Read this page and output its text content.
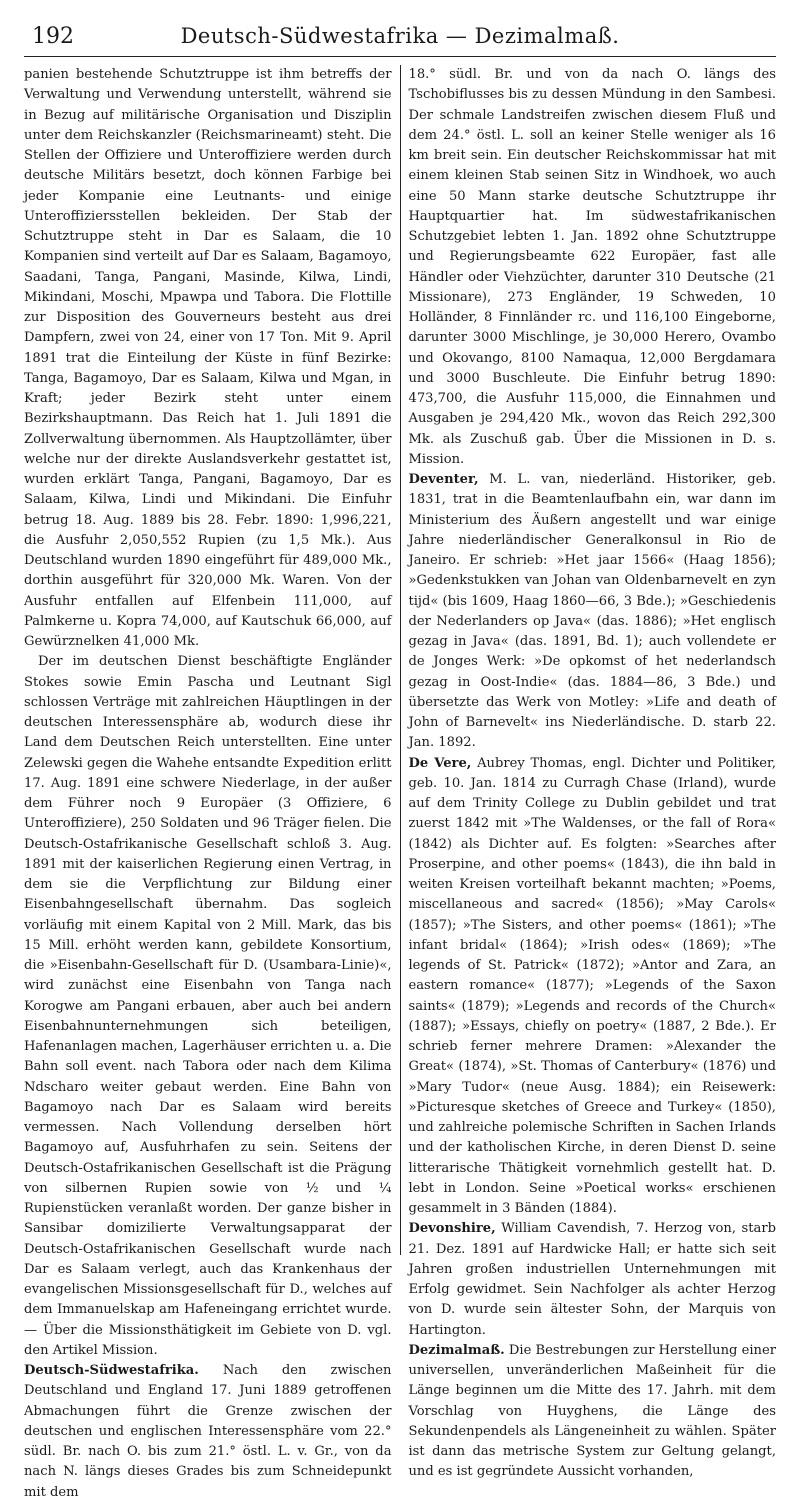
192	Deutsch-Südwestafrika — Dezimalmaß.

panien bestehende Schutztruppe ist ihm betreffs der Verwaltung und Verwendung unterstellt, während sie in Bezug auf militärische Organisation und Disziplin unter dem Reichskanzler (Reichsmarineamt) steht. Die Stellen der Offiziere und Unteroffiziere werden durch deutsche Militärs besetzt, doch können Farbige bei jeder Kompanie eine Leutnants- und einige Unteroffiziersstellen bekleiden. Der Stab der Schutztruppe steht in Dar es Salaam, die 10 Kompanien sind verteilt auf Dar es Salaam, Bagamoyo, Saadani, Tanga, Pangani, Masinde, Kilwa, Lindi, Mikindani, Moschi, Mpawpa und Tabora. Die Flottille zur Disposition des Gouverneurs besteht aus drei Dampfern, zwei von 24, einer von 17 Ton. Mit 9. April 1891 trat die Einteilung der Küste in fünf Bezirke: Tanga, Bagamoyo, Dar es Salaam, Kilwa und Mgan, in Kraft; jeder Bezirk steht unter einem Bezirkshauptmann. Das Reich hat 1. Juli 1891 die Zollverwaltung übernommen. Als Hauptzollämter, über welche nur der direkte Auslandsverkehr gestattet ist, wurden erklärt Tanga, Pangani, Bagamoyo, Dar es Salaam, Kilwa, Lindi und Mikindani. Die Einfuhr betrug 18. Aug. 1889 bis 28. Febr. 1890: 1,996,221, die Ausfuhr 2,050,552 Rupien (zu 1,5 Mk.). Aus Deutschland wurden 1890 eingeführt für 489,000 Mk., dorthin ausgeführt für 320,000 Mk. Waren. Von der Ausfuhr entfallen auf Elfenbein 111,000, auf Palmkerne u. Kopra 74,000, auf Kautschuk 66,000, auf Gewürznelken 41,000 Mk.

Der im deutschen Dienst beschäftigte Engländer Stokes sowie Emin Pascha und Leutnant Sigl schlossen Verträge mit zahlreichen Häuptlingen in der deutschen Interessensphäre ab, wodurch diese ihr Land dem Deutschen Reich unterstellten. Eine unter Zelewski gegen die Wahehe entsandte Expedition erlitt 17. Aug. 1891 eine schwere Niederlage, in der außer dem Führer noch 9 Europäer (3 Offiziere, 6 Unteroffiziere), 250 Soldaten und 96 Träger fielen. Die Deutsch-Ostafrikanische Gesellschaft schloß 3. Aug. 1891 mit der kaiserlichen Regierung einen Vertrag, in dem sie die Verpflichtung zur Bildung einer Eisenbahngesellschaft übernahm. Das sogleich vorläufig mit einem Kapital von 2 Mill. Mark, das bis 15 Mill. erhöht werden kann, gebildete Konsortium, die »Eisenbahn-Gesellschaft für D. (Usambara-Linie)«, wird zunächst eine Eisenbahn von Tanga nach Korogwe am Pangani erbauen, aber auch bei andern Eisenbahnunternehmungen sich beteiligen, Hafenanlagen machen, Lagerhäuser errichten u. a. Die Bahn soll event. nach Tabora oder nach dem Kilima Ndscharo weiter gebaut werden. Eine Bahn von Bagamoyo nach Dar es Salaam wird bereits vermessen. Nach Vollendung derselben hört Bagamoyo auf, Ausfuhrhafen zu sein. Seitens der Deutsch-Ostafrikanischen Gesellschaft ist die Prägung von silbernen Rupien sowie von ½ und ¼ Rupienstücken veranlaßt worden. Der ganze bisher in Sansibar domizilierte Verwaltungsapparat der Deutsch-Ostafrikanischen Gesellschaft wurde nach Dar es Salaam verlegt, auch das Krankenhaus der evangelischen Missionsgesellschaft für D., welches auf dem Immanuelskap am Hafeneingang errichtet wurde. — Über die Missionsthätigkeit im Gebiete von D. vgl. den Artikel Mission.

Deutsch-Südwestafrika. Nach den zwischen Deutschland und England 17. Juni 1889 getroffenen Abmachungen führt die Grenze zwischen der deutschen und englischen Interessensphäre vom 22.° südl. Br. nach O. bis zum 21.° östl. L. v. Gr., von da nach N. längs dieses Grades bis zum Schneidepunkt mit dem

18.° südl. Br. und von da nach O. längs des Tschobiflusses bis zu dessen Mündung in den Sambesi. Der schmale Landstreifen zwischen diesem Fluß und dem 24.° östl. L. soll an keiner Stelle weniger als 16 km breit sein. Ein deutscher Reichskommissar hat mit einem kleinen Stab seinen Sitz in Windhoek, wo auch eine 50 Mann starke deutsche Schutztruppe ihr Hauptquartier hat. Im südwestafrikanischen Schutzgebiet lebten 1. Jan. 1892 ohne Schutztruppe und Regierungsbeamte 622 Europäer, fast alle Händler oder Viehzüchter, darunter 310 Deutsche (21 Missionare), 273 Engländer, 19 Schweden, 10 Holländer, 8 Finnländer rc. und 116,100 Eingeborne, darunter 3000 Mischlinge, je 30,000 Herero, Ovambo und Okovango, 8100 Namaqua, 12,000 Bergdamara und 3000 Buschleute. Die Einfuhr betrug 1890: 473,700, die Ausfuhr 115,000, die Einnahmen und Ausgaben je 294,420 Mk., wovon das Reich 292,300 Mk. als Zuschuß gab. Über die Missionen in D. s. Mission.

Deventer, M. L. van, niederländ. Historiker, geb. 1831, trat in die Beamtenlaufbahn ein, war dann im Ministerium des Äußern angestellt und war einige Jahre niederländischer Generalkonsul in Rio de Janeiro. Er schrieb: »Het jaar 1566« (Haag 1856); »Gedenkstukken van Johan van Oldenbarnevelt en zyn tijd« (bis 1609, Haag 1860—66, 3 Bde.); »Geschiedenis der Nederlanders op Java« (das. 1886); »Het englisch gezag in Java« (das. 1891, Bd. 1); auch vollendete er de Jonges Werk: »De opkomst of het nederlandsch gezag in Oost-Indie« (das. 1884—86, 3 Bde.) und übersetzte das Werk von Motley: »Life and death of John of Barnevelt« ins Niederländische. D. starb 22. Jan. 1892.

De Vere, Aubrey Thomas, engl. Dichter und Politiker, geb. 10. Jan. 1814 zu Curragh Chase (Irland), wurde auf dem Trinity College zu Dublin gebildet und trat zuerst 1842 mit »The Waldenses, or the fall of Rora« (1842) als Dichter auf. Es folgten: »Searches after Proserpine, and other poems« (1843), die ihn bald in weiten Kreisen vorteilhaft bekannt machten; »Poems, miscellaneous and sacred« (1856); »May Carols« (1857); »The Sisters, and other poems« (1861); »The infant bridal« (1864); »Irish odes« (1869); »The legends of St. Patrick« (1872); »Antor and Zara, an eastern romance« (1877); »Legends of the Saxon saints« (1879); »Legends and records of the Church« (1887); »Essays, chiefly on poetry« (1887, 2 Bde.). Er schrieb ferner mehrere Dramen: »Alexander the Great« (1874), »St. Thomas of Canterbury« (1876) und »Mary Tudor« (neue Ausg. 1884); ein Reisewerk: »Picturesque sketches of Greece and Turkey« (1850), und zahlreiche polemische Schriften in Sachen Irlands und der katholischen Kirche, in deren Dienst D. seine litterarische Thätigkeit vornehmlich gestellt hat. D. lebt in London. Seine »Poetical works« erschienen gesammelt in 3 Bänden (1884).

Devonshire, William Cavendish, 7. Herzog von, starb 21. Dez. 1891 auf Hardwicke Hall; er hatte sich seit Jahren großen industriellen Unternehmungen mit Erfolg gewidmet. Sein Nachfolger als achter Herzog von D. wurde sein ältester Sohn, der Marquis von Hartington.

Dezimalmaß. Die Bestrebungen zur Herstellung einer universellen, unveränderlichen Maßeinheit für die Länge beginnen um die Mitte des 17. Jahrh. mit dem Vorschlag von Huyghens, die Länge des Sekundenpendels als Längeneinheit zu wählen. Später ist dann das metrische System zur Geltung gelangt, und es ist gegründete Aussicht vorhanden,
